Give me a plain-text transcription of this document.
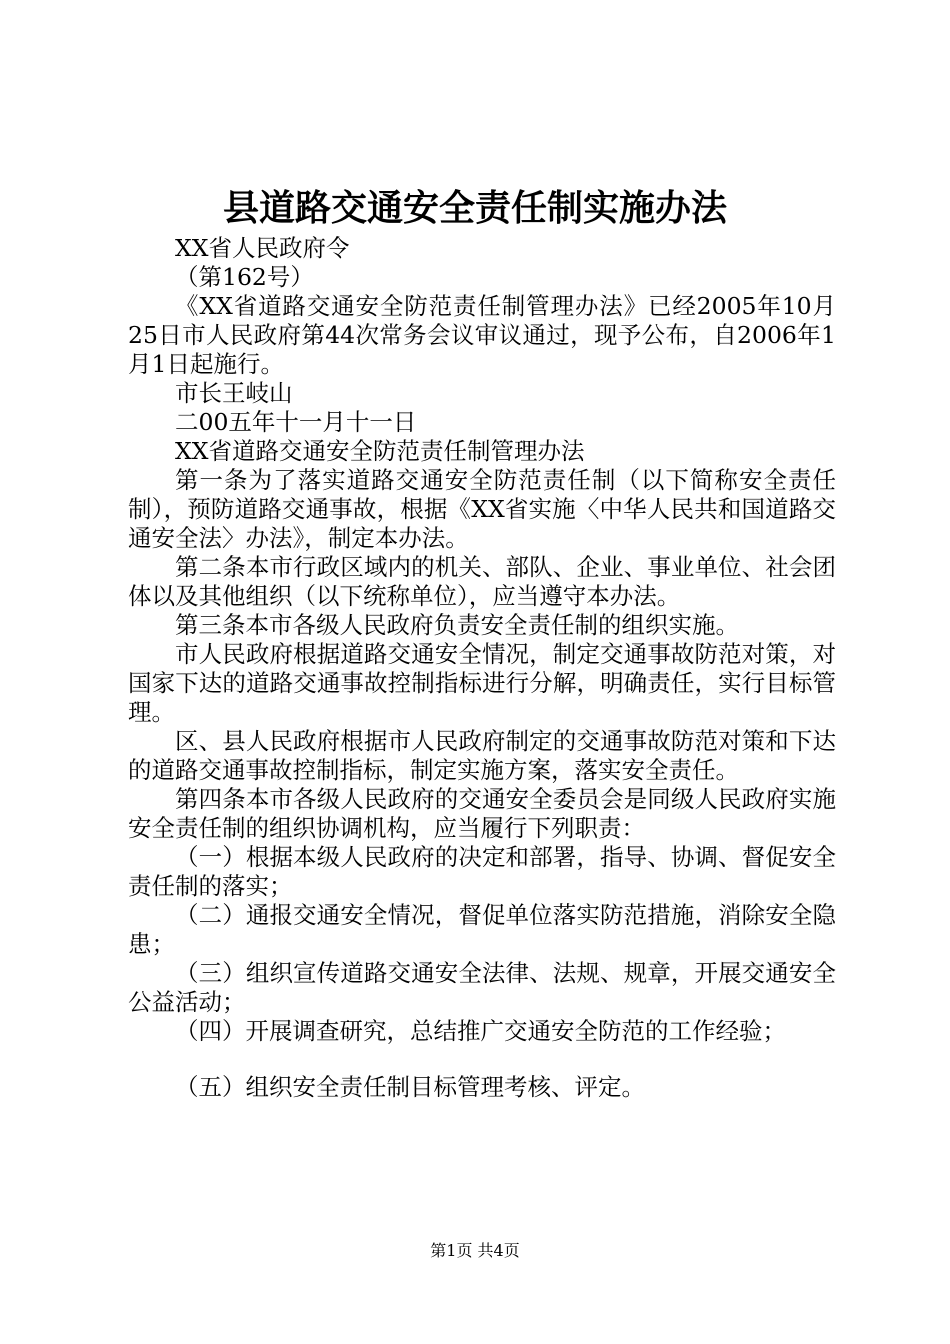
县道路交通安全责任制实施办法

XX省人民政府令

（第162号）

《XX省道路交通安全防范责任制管理办法》已经2005年10月25日市人民政府第44次常务会议审议通过，现予公布，自2006年1月1日起施行。

市长王岐山

二00五年十一月十一日

XX省道路交通安全防范责任制管理办法

第一条为了落实道路交通安全防范责任制（以下简称安全责任制），预防道路交通事故，根据《XX省实施〈中华人民共和国道路交通安全法〉办法》，制定本办法。

第二条本市行政区域内的机关、部队、企业、事业单位、社会团体以及其他组织（以下统称单位），应当遵守本办法。

第三条本市各级人民政府负责安全责任制的组织实施。

市人民政府根据道路交通安全情况，制定交通事故防范对策，对国家下达的道路交通事故控制指标进行分解，明确责任，实行目标管理。

区、县人民政府根据市人民政府制定的交通事故防范对策和下达的道路交通事故控制指标，制定实施方案，落实安全责任。

第四条本市各级人民政府的交通安全委员会是同级人民政府实施安全责任制的组织协调机构，应当履行下列职责：

（一）根据本级人民政府的决定和部署，指导、协调、督促安全责任制的落实；

（二）通报交通安全情况，督促单位落实防范措施，消除安全隐患；

（三）组织宣传道路交通安全法律、法规、规章，开展交通安全公益活动；

（四）开展调查研究，总结推广交通安全防范的工作经验；

（五）组织安全责任制目标管理考核、评定。

第1页 共4页
